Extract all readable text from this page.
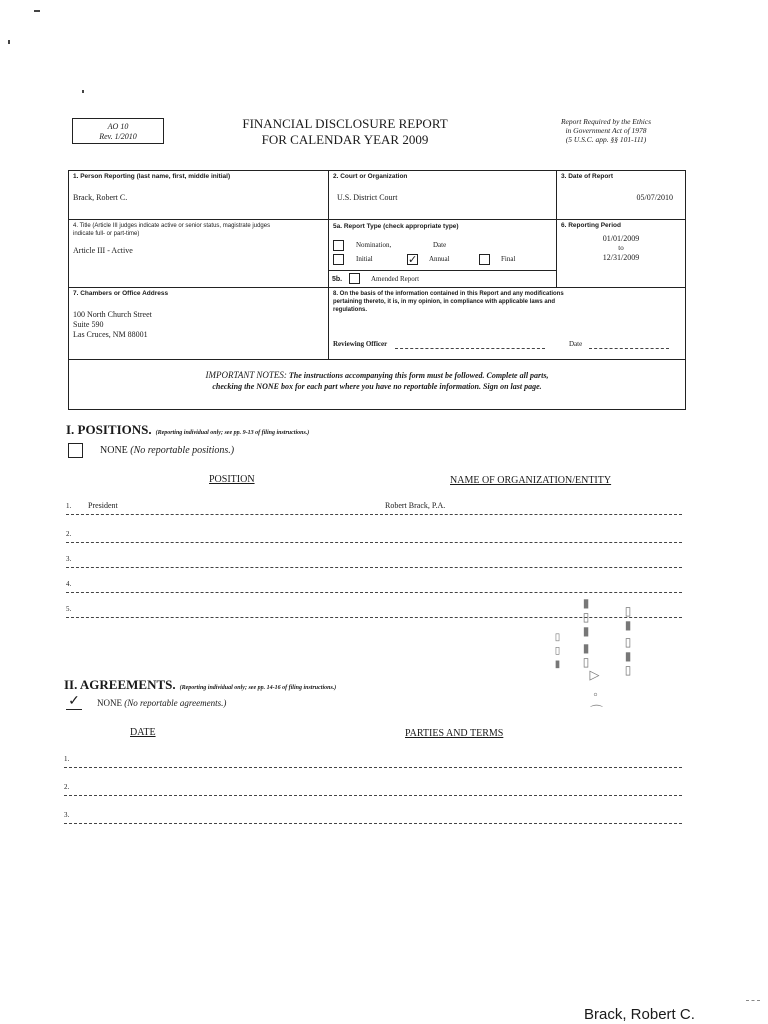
AO 10
Rev. 1/2010
FINANCIAL DISCLOSURE REPORT
FOR CALENDAR YEAR 2009
Report Required by the Ethics
in Government Act of 1978
(5 U.S.C. app. §§ 101-111)
1. Person Reporting (last name, first, middle initial)
Brack, Robert C.
2. Court or Organization
U.S. District Court
3. Date of Report
05/07/2010
4. Title (Article III judges indicate active or senior status, magistrate judges indicate full- or part-time)
Article III - Active
5a. Report Type (check appropriate type)
Nomination,	Date
Initial	✓ Annual	Final
5b.	Amended Report
6. Reporting Period
01/01/2009
to
12/31/2009
7. Chambers or Office Address
100 North Church Street
Suite 590
Las Cruces, NM 88001
8. On the basis of the information contained in this Report and any modifications pertaining thereto, it is, in my opinion, in compliance with applicable laws and regulations.
Reviewing Officer	Date
IMPORTANT NOTES: The instructions accompanying this form must be followed. Complete all parts,
checking the NONE box for each part where you have no reportable information. Sign on last page.
I. POSITIONS. (Reporting individual only; see pp. 9-13 of filing instructions.)
NONE (No reportable positions.)
POSITION	NAME OF ORGANIZATION/ENTITY
1. President	Robert Brack, P.A.
2.
3.
4.
5.
II. AGREEMENTS. (Reporting individual only; see pp. 14-16 of filing instructions.)
✓ NONE (No reportable agreements.)
DATE	PARTIES AND TERMS
1.
2.
3.
▮▯▮ ▮▯ ▯▮ ▯▮▯
▯ ▯ ▮
▷ ◦ ⌒
Brack, Robert C.
